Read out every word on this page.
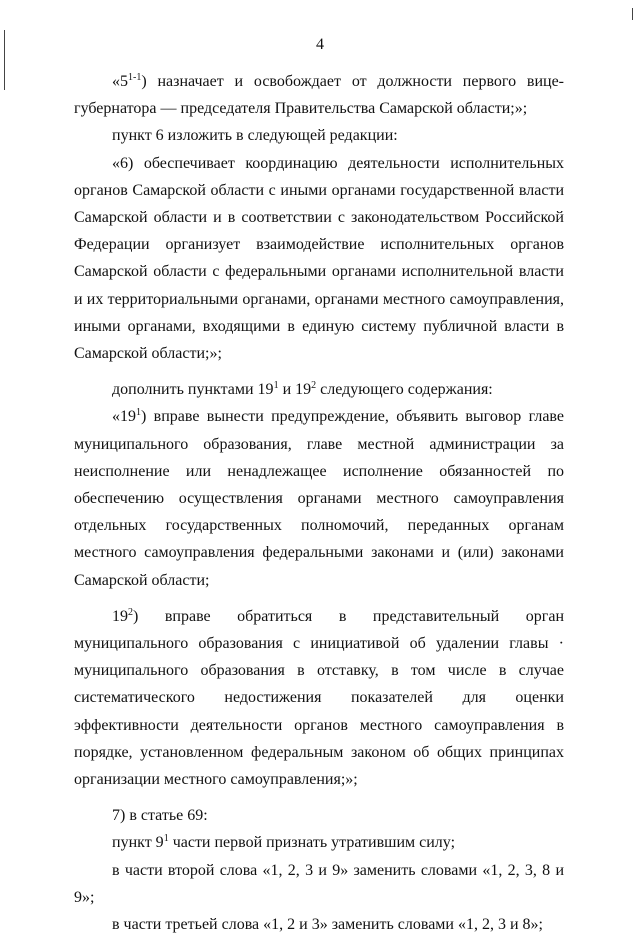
4

«5$^{1-1}$) назначает и освобождает от должности первого вице-губернатора — председателя Правительства Самарской области;»;

пункт 6 изложить в следующей редакции:

«6) обеспечивает координацию деятельности исполнительных органов Самарской области с иными органами государственной власти Самарской области и в соответствии с законодательством Российской Федерации организует взаимодействие исполнительных органов Самарской области с федеральными органами исполнительной власти и их территориальными органами, органами местного самоуправления, иными органами, входящими в единую систему публичной власти в Самарской области;»;

дополнить пунктами $19^1$ и $19^2$ следующего содержания:

«$19^1$) вправе вынести предупреждение, объявить выговор главе муниципального образования, главе местной администрации за неисполнение или ненадлежащее исполнение обязанностей по обеспечению осуществления органами местного самоуправления отдельных государственных полномочий, переданных органам местного самоуправления федеральными законами и (или) законами Самарской области;

$19^2$) вправе обратиться в представительный орган муниципального образования с инициативой об удалении главы · муниципального образования в отставку, в том числе в случае систематического недостижения показателей для оценки эффективности деятельности органов местного самоуправления в порядке, установленном федеральным законом об общих принципах организации местного самоуправления;»;

7) в статье 69:

пункт $9^1$ части первой признать утратившим силу;

в части второй слова «1, 2, 3 и 9» заменить словами «1, 2, 3, 8 и 9»;

в части третьей слова «1, 2 и 3» заменить словами «1, 2, 3 и 8»;
